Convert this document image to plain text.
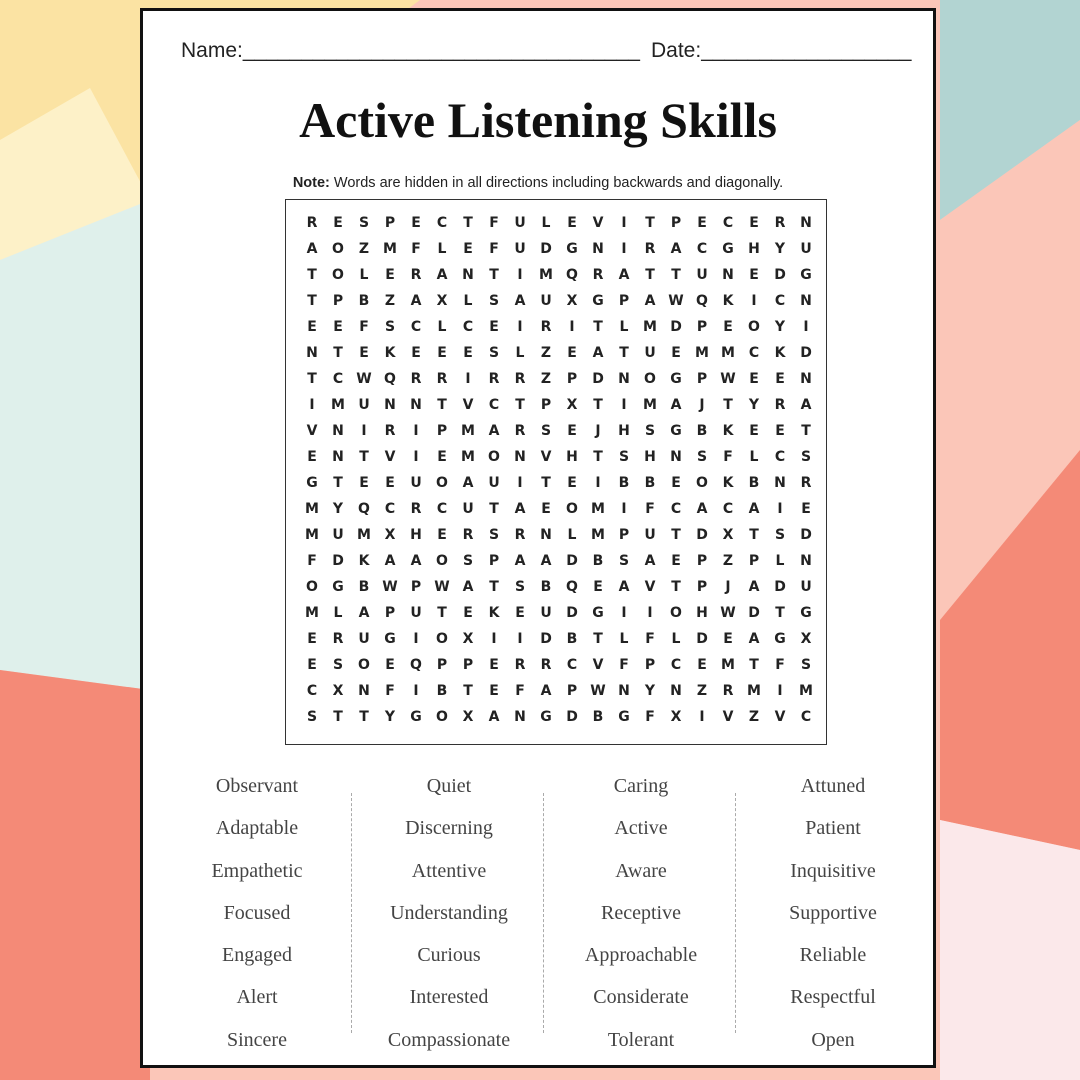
Name:__________________________________ Date:__________________
Active Listening Skills
Note: Words are hidden in all directions including backwards and diagonally.
R	E	S	P	E	C	T	F	U	L	E	V	I	T	P	E	C	E	R	N
A	O	Z M	F	L	E	F	U	D	G	N	I	R	A	C	G	H	Y	U
T	O	L	E	R	A	N	T	I	M Q	R	A	T	T	U	N	E	D	G
T	P	B	Z	A	X	L	S	A	U	X	G	P	A W Q	K	I	C	N
E	E	F	S	C	L	C	E	I	R	I	T	L	M D	P	E	O	Y	I
N	T	E	K	E	E	E	S	L	Z	E	A	T	U	E	M M C	K	D
T	C W Q	R	R	I	R	R	Z	P	D	N	O	G	P W E	E	N
I	M U	N	N	T	V	C	T	P	X	T	I	M A	J	T	Y	R	A
V	N	I	R	I	P M A	R	S	E	J	H	S	G	B	K	E	E	T
E	N	T	V	I	E	M O	N	V	H	T	S	H	N	S	F	L	C	S
G	T	E	E	U	O	A	U	I	T	E	I	B	B	E	O	K	B	N	R
M Y	Q	C	R	C	U	T	A	E	O M	I	F	C	A	C	A	I	E
M U M X	H	E	R	S	R	N	L	M P	U	T	D	X	T	S	D
F	D	K	A	A	O	S	P	A	A	D	B	S	A	E	P	Z	P	L	N
O	G	B W P W A	T	S	B	Q	E	A	V	T	P	J	A	D	U
M	L	A	P	U	T	E	K	E	U	D	G	I	I	O	H W D	T	G
E	R	U	G	I	O	X	I	I	D	B	T	L	F	L	D	E	A	G	X
E	S	O	E	Q	P	P	E	R	R	C	V	F	P	C	E	M	T	F	S
C	X	N	F	I	B	T	E	F	A	P W N	Y	N	Z	R M	I	M
S	T	T	Y	G	O	X	A	N	G	D	B	G	F	X	I	V	Z	V	C
Observant
Adaptable
Empathetic
Focused
Engaged
Alert
Sincere
Quiet
Discerning
Attentive
Understanding
Curious
Interested
Compassionate
Caring
Active
Aware
Receptive
Approachable
Considerate
Tolerant
Attuned
Patient
Inquisitive
Supportive
Reliable
Respectful
Open
